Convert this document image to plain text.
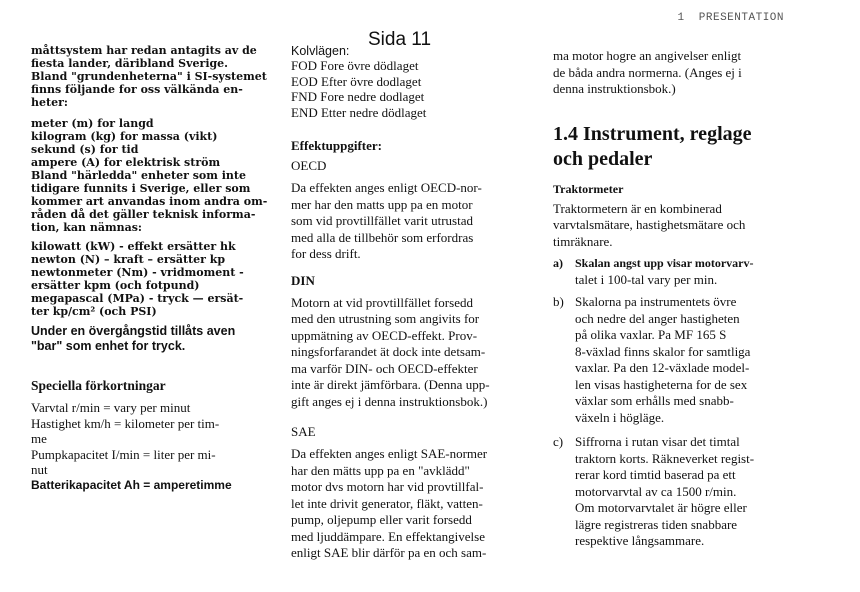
1 PRESENTATION
Sida 11
måttsystem har redan antagits av de
fiesta lander, däribland Sverige.
Bland "grundenheterna" i SI-systemet
finns följande for oss välkända en-
heter:
meter (m) for langd
kilogram (kg) for massa (vikt)
sekund (s) for tid
ampere (A) for elektrisk ström
Bland "härledda" enheter som inte
tidigare funnits i Sverige, eller som
kommer art anvandas inom andra om-
råden då det gäller teknisk informa-
tion, kan nämnas:
kilowatt (kW) - effekt ersätter hk
newton (N) – kraft – ersätter kp
newtonmeter (Nm) - vridmoment -
ersätter kpm (och fotpund)
megapascal (MPa) - tryck — ersät-
ter kp/cm² (och PSI)
Under en övergångstid tillåts aven
"bar" som enhet for tryck.
Speciella förkortningar
Varvtal r/min = vary per minut
Hastighet km/h = kilometer per tim-
me
Pumpkapacitet I/min = liter per mi-
nut
Batterikapacitet Ah = amperetimme
Kolvlägen:
FOD Fore övre dödlaget
EOD Efter övre dodlaget
FND Fore nedre dodlaget
END Etter nedre dödlaget
Effektuppgifter:
OECD
Da effekten anges enligt OECD-nor-
mer har den matts upp pa en motor
som vid provtillfället varit utrustad
med alla de tillbehör som erfordras
for dess drift.
DIN
Motorn at vid provtillfället forsedd
med den utrustning som angivits for
uppmätning av OECD-effekt. Prov-
ningsforfarandet ät dock inte detsam-
ma varför DIN- och OECD-effekter
inte är direkt jämförbara. (Denna upp-
gift anges ej i denna instruktionsbok.)
SAE
Da effekten anges enligt SAE-normer
har den mätts upp pa en "avklädd"
motor dvs motorn har vid provtillfal-
let inte drivit generator, fläkt, vatten-
pump, oljepump eller varit forsedd
med ljuddämpare. En effektangivelse
enligt SAE blir därför pa en och sam-
ma motor hogre an angivelser enligt
de båda andra normerna. (Anges ej i
denna instruktionsbok.)
1.4 Instrument, reglage
och pedaler
Traktormeter
Traktormetern är en kombinerad
varvtalsmätare, hastighetsmätare och
timräknare.
a) Skalan angst upp visar motorvarv-
talet i 100-tal vary per min.
b) Skalorna pa instrumentets övre
och nedre del anger hastigheten
på olika vaxlar. Pa MF 165 S
8-växlad finns skalor for samtliga
vaxlar. Pa den 12-växlade model-
len visas hastigheterna for de sex
växlar som erhålls med snabb-
växeln i högläge.
c) Siffrorna i rutan visar det timtal
traktorn korts. Räkneverket regist-
rerar kord timtid baserad pa ett
motorvarvtal av ca 1500 r/min.
Om motorvarvtalet är högre eller
lägre registreras tiden snabbare
respektive långsammare.
